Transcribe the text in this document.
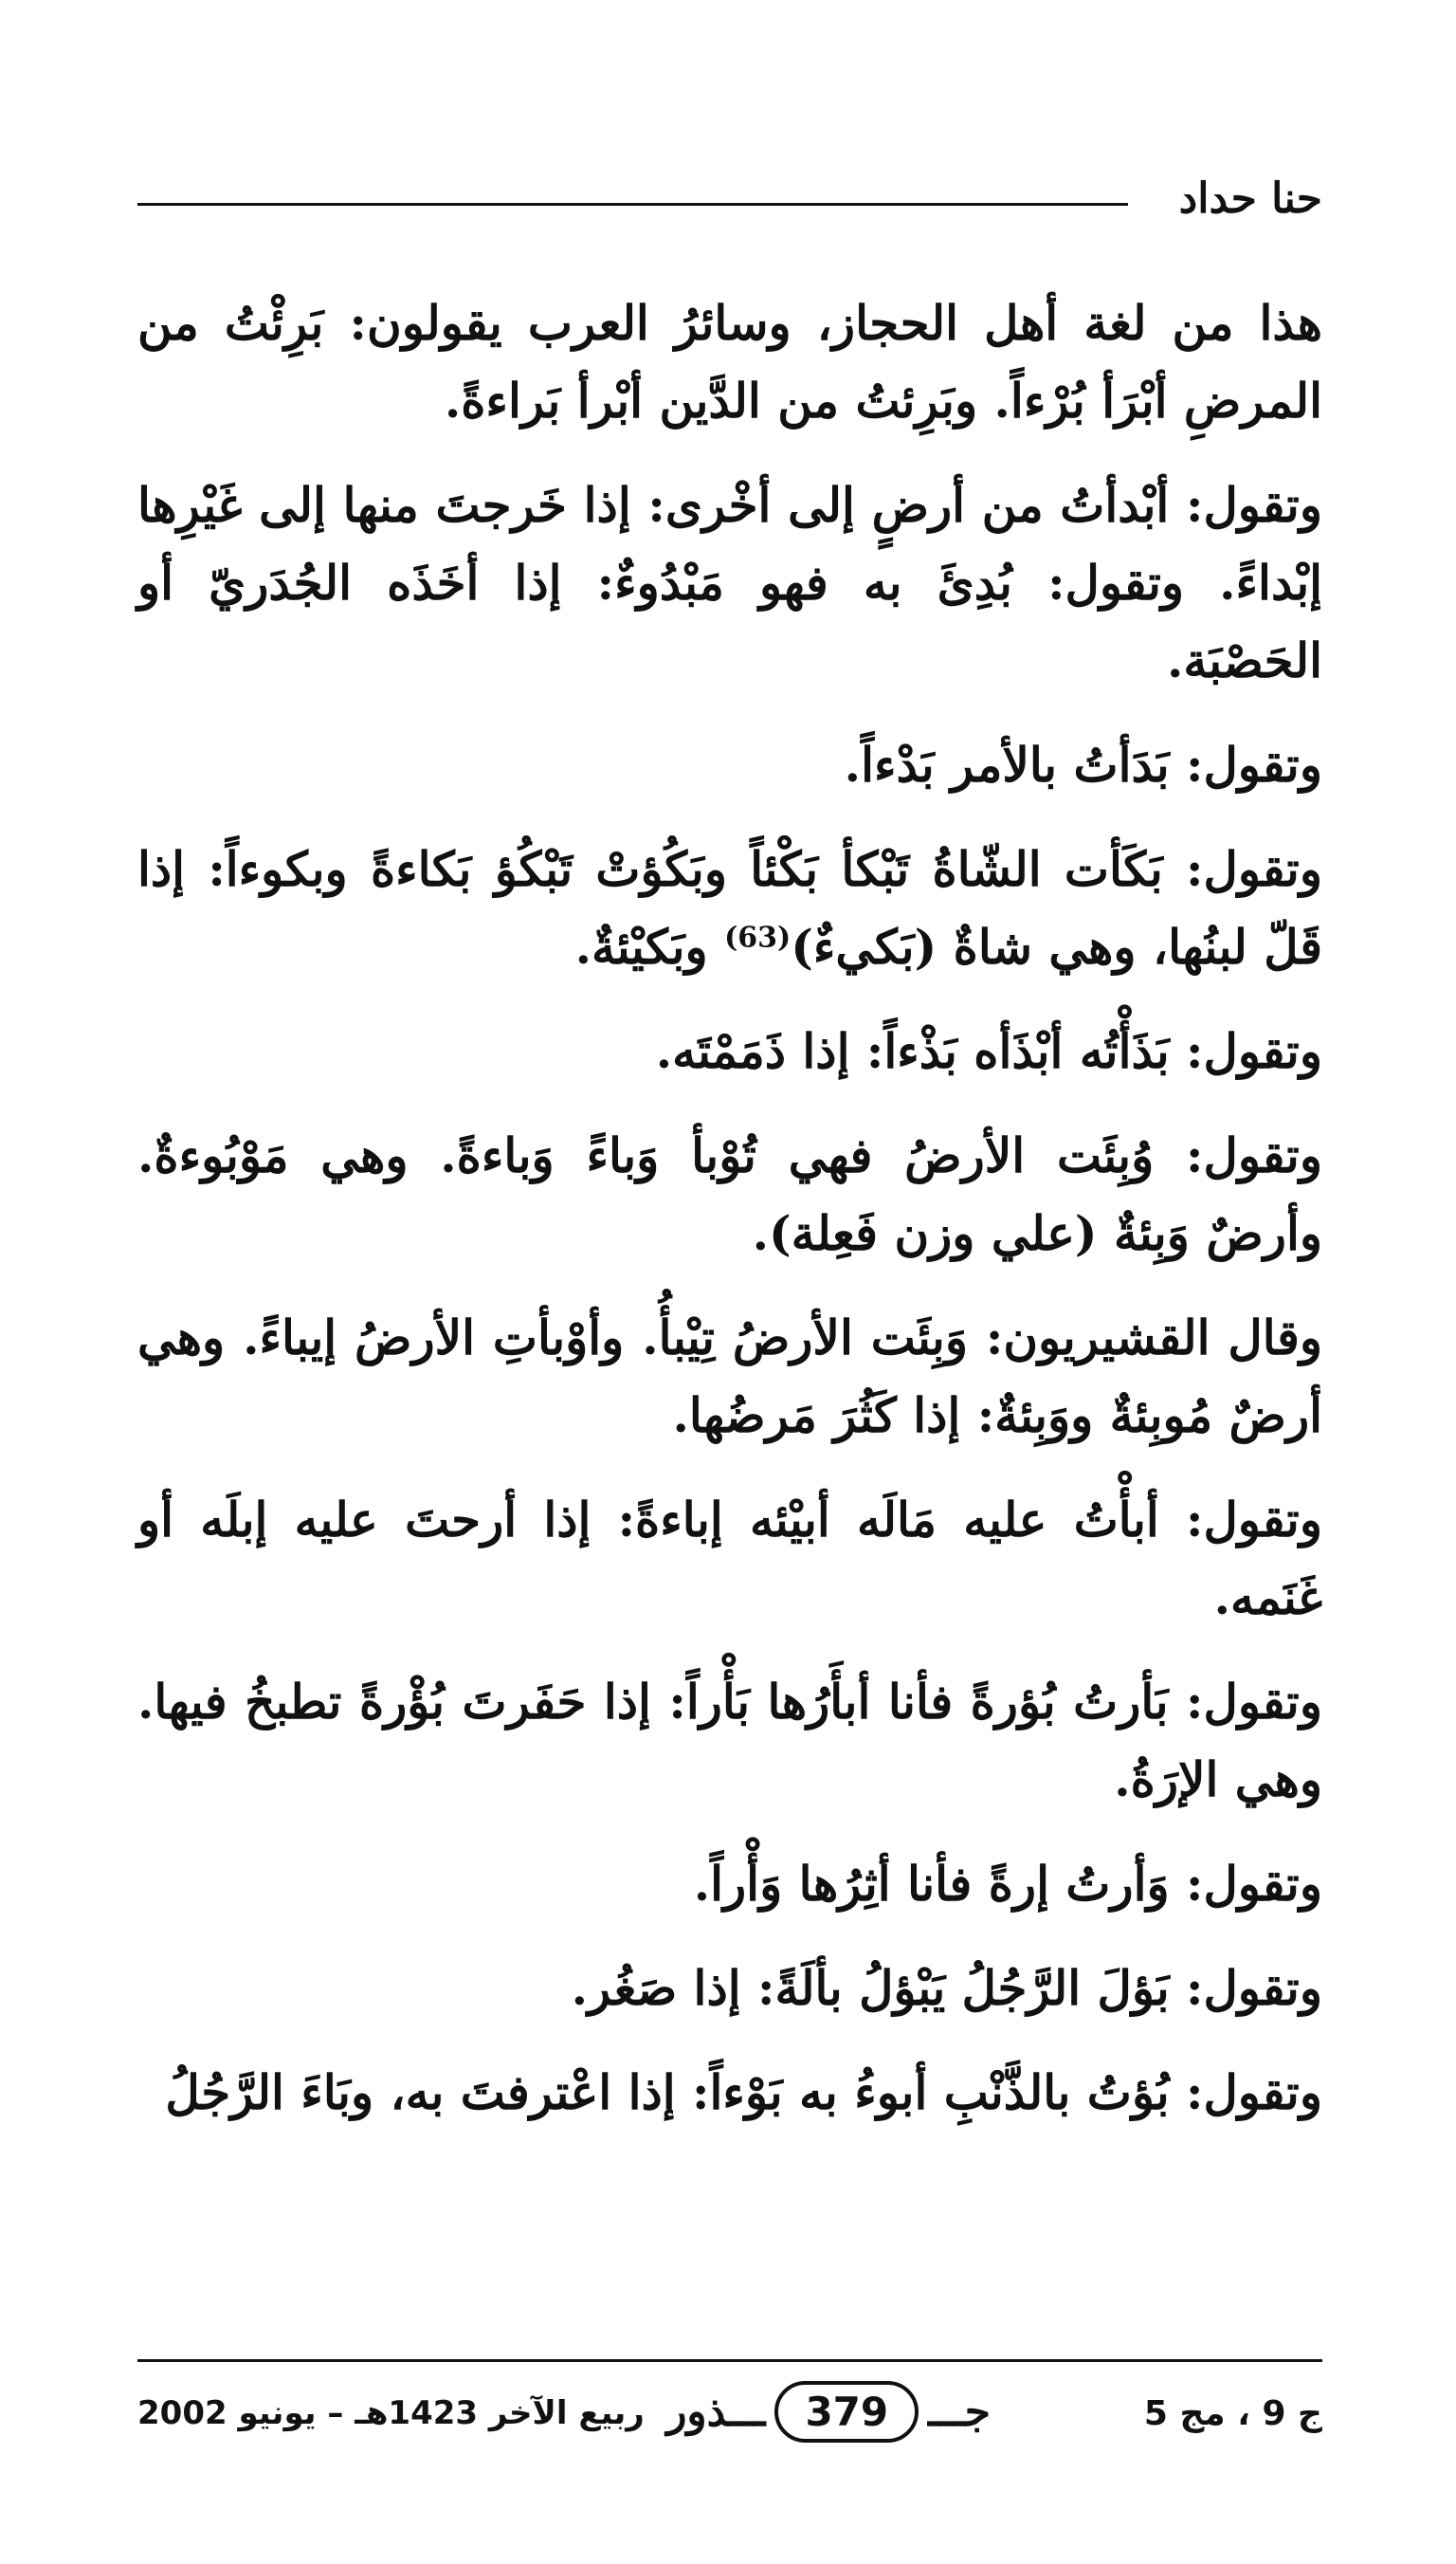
حنا حداد

هذا من لغة أهل الحجاز، وسائرُ العرب يقولون: بَرِئْتُ من المرضِ أبْرَأ بُرْءاً. وبَرِئتُ من الدَّين أبْرأ بَراءةً.

وتقول: أبْدأتُ من أرضٍ إلى أخْرى: إذا خَرجتَ منها إلى غَيْرِها إبْداءً. وتقول: بُدِئَ به فهو مَبْدُوءٌ: إذا أخَذَه الجُدَريّ أو الحَصْبَة.

وتقول: بَدَأتُ بالأمر بَدْءاً.

وتقول: بَكَأت الشّاةُ تَبْكأ بَكْئاً وبَكُؤتْ تَبْكُؤ بَكاءةً وبكوءاً: إذا قَلّ لبنُها، وهي شاةٌ (بَكيءٌ)$^{(63)}$ وبَكيْئةٌ.

وتقول: بَذَأْتُه أبْذَأه بَذْءاً: إذا ذَمَمْتَه.

وتقول: وُبِئَت الأرضُ فهي تُوْبأ وَباءً وَباءةً. وهي مَوْبُوءةٌ. وأرضٌ وَبِئةٌ (علي وزن فَعِلة).

وقال القشيريون: وَبِئَت الأرضُ تِيْبأُ. وأوْبأتِ الأرضُ إيباءً. وهي أرضٌ مُوبِئةٌ ووَبِئةٌ: إذا كَثُرَ مَرضُها.

وتقول: أبأْتُ عليه مَالَه أبيْئه إباءةً: إذا أرحتَ عليه إبلَه أو غَنَمه.

وتقول: بَأرتُ بُؤرةً فأنا أبأَرُها بَأْراً: إذا حَفَرتَ بُؤْرةً تطبخُ فيها. وهي الإرَةُ.

وتقول: وَأرتُ إرةً فأنا أثِرُها وَأْراً.

وتقول: بَؤلَ الرَّجُلُ يَبْؤلُ بألَةً: إذا صَغُر.

وتقول: بُؤتُ بالذَّنْبِ أبوءُ به بَوْءاً: إذا اعْترفتَ به، وبَاءَ الرَّجُلُ

ج 9 ، مج 5
جـــ
379
ـــذور
ربيع الآخر 1423هـ – يونيو 2002
